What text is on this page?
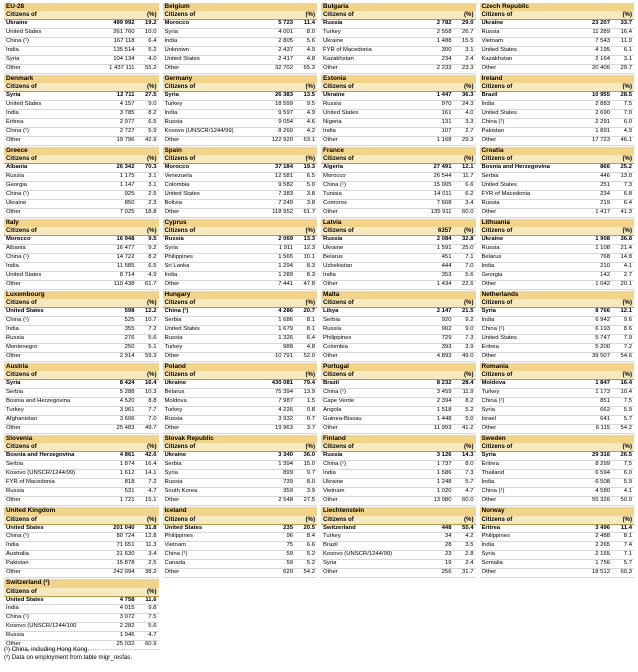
EU-28
Citizens of	(%)
Ukraine	499 992	19.2
United States	261 760	10.0
China (¹)	167 118	6.4
India	135 514	5.2
Syria	104 134	4.0
Other	1 437 111	55.2
Belgium
Citizens of	(%)
Morocco	5 723	11.4
Syria	4 001	8.0
India	2 805	5.6
Unknown	2 437	4.9
United States	2 417	4.8
Other	32 702	65.3
Bulgaria
Citizens of	(%)
Russia	2 782	29.0
Turkey	2 558	26.7
Ukraine	1 488	15.5
FYR of Macedonia	300	3.1
Kazakhstan	234	2.4
Other	2 233	23.3
Czech Republic
Citizens of	(%)
Ukraine	23 207	33.7
Russia	11 289	16.4
Vietnam	7 543	11.0
United States	4 195	6.1
Kazakhstan	2 164	3.1
Other	20 406	29.7
Denmark
Citizens of	(%)
Syria	12 711	27.5
United States	4 157	9.0
India	3 785	8.2
Eritrea	2 977	6.5
China (¹)	2 727	5.9
Other	19 796	42.9
Germany
Citizens of	(%)
Syria	26 383	13.5
Turkey	18 599	9.5
India	9 597	4.9
Russia	9 054	4.6
Kosovo (UNSCR/1244/99)	8 260	4.2
Other	122 920	63.1
Estonia
Citizens of	(%)
Ukraine	1 447	36.3
Russia	970	24.3
United States	161	4.0
Nigeria	131	3.3
India	107	2.7
Other	1 168	29.3
Ireland
Citizens of	(%)
Brazil	10 955	28.5
India	2 883	7.5
United States	2 690	7.0
China (¹)	2 291	6.0
Pakistan	1 891	4.9
Other	17 723	46.1
Greece
Citizens of	(%)
Albania	26 342	70.3
Russia	1 175	3.1
Georgia	1 147	3.1
China (¹)	925	2.5
Ukraine	850	2.3
Other	7 025	18.8
Spain
Citizens of	(%)
Morocco	37 184	19.3
Venezuela	12 581	6.5
Colombia	9 582	5.0
United States	7 383	3.8
Bolivia	7 249	3.8
Other	118 952	61.7
France
Citizens of	(%)
Algeria	27 491	12.1
Morocco	26 544	11.7
China (¹)	15 005	6.6
Tunisia	14 011	6.2
Comoros	7 668	3.4
Other	135 911	60.0
Croatia
Citizens of	(%)
Bosnia and Herzegovina	866	25.2
Serbia	446	13.0
United States	251	7.3
FYR of Macedonia	234	6.8
Russia	219	6.4
Other	1 417	41.3
Italy
Citizens of	(%)
Morocco	16 948	9.5
Albania	16 477	9.2
China (¹)	14 722	8.2
India	11 585	6.5
United States	8 714	4.9
Other	110 438	61.7
Cyprus
Citizens of	(%)
Russia	2 069	13.3
Syria	1 911	12.3
Philippines	1 565	10.1
Sri Lanka	1 294	8.3
India	1 289	8.3
Other	7 441	47.8
Latvia
Citizens of	6357	(%)
Russia	2 084	32.8
Ukraine	1 591	25.0
Belarus	451	7.1
Uzbekistan	444	7.0
India	353	5.6
Other	1 434	22.6
Lithuania
Citizens of	(%)
Ukraine	1 908	36.8
Russia	1 108	21.4
Belarus	768	14.8
India	210	4.1
Georgia	142	2.7
Other	1 042	20.1
Luxembourg
Citizens of	(%)
United States	598	12.2
China (¹)	525	10.7
India	355	7.2
Russia	276	5.6
Montenegro	250	5.1
Other	2 914	59.3
Hungary
Citizens of	(%)
China (¹)	4 286	20.7
Serbia	1 686	8.1
United States	1 679	8.1
Russia	1 326	6.4
Turkey	988	4.8
Other	10 791	52.0
Malta
Citizens of	(%)
Libya	2 147	21.5
Serbia	920	9.2
Russia	902	9.0
Philippines	729	7.3
Colombia	393	3.9
Other	4 893	49.0
Netherlands
Citizens of	(%)
Syria	8 766	12.1
India	6 942	9.6
China (¹)	6 193	8.6
United States	5 747	7.9
Eritrea	5 200	7.2
Other	39 507	54.6
Austria
Citizens of	(%)
Syria	8 424	16.4
Serbia	5 288	10.3
Bosnia and Herzegovina	4 520	8.8
Turkey	3 961	7.7
Afghanistan	3 606	7.0
Other	25 483	49.7
Poland
Citizens of	(%)
Ukraine	430 081	79.4
Belarus	75 394	13.9
Moldova	7 987	1.5
Turkey	4 226	0.8
Russia	3 932	0.7
Other	19 963	3.7
Portugal
Citizens of	(%)
Brazil	8 232	28.4
China (¹)	3 459	11.9
Cape Verde	2 394	8.2
Angola	1 518	5.2
Guinea-Bissau	1 448	5.0
Other	11 993	41.2
Romania
Citizens of	(%)
Moldova	1 847	16.4
Turkey	1 173	10.4
China (¹)	851	7.5
Syria	662	5.9
Israel	641	5.7
Other	6 115	54.2
Slovenia
Citizens of	(%)
Bosnia and Herzegovina	4 861	42.6
Serbia	1 874	16.4
Kosovo (UNSCR/1244/99)	1 612	14.1
FYR of Macedonia	818	7.2
Russia	531	4.7
Other	1 721	15.1
Slovak Republic
Citizens of	(%)
Ukraine	3 340	36.0
Serbia	1 394	15.0
Syria	899	9.7
Russia	739	8.0
South Korea	359	3.9
Other	2 548	27.5
Finland
Citizens of	(%)
Russia	3 126	14.3
China (¹)	1 737	8.0
India	1 586	7.3
Ukraine	1 248	5.7
Vietnam	1 020	4.7
Other	13 080	60.0
Sweden
Citizens of	(%)
Syria	29 316	26.5
Eritrea	8 299	7.5
Thailand	6 594	6.0
India	6 508	5.9
China (¹)	4 580	4.1
Other	55 326	50.0
United Kingdom
Citizens of	(%)
United States	201 040	31.8
China (¹)	80 724	12.8
India	71 651	11.3
Australia	21 630	3.4
Pakistan	15 878	2.5
Other	242 094	38.2
Iceland
Citizens of	(%)
United States	235	20.5
Philippines	96	8.4
Vietnam	75	6.6
China (¹)	59	5.2
Canada	59	5.2
Other	620	54.2
Liechtenstein
Citizens of	(%)
Switzerland	448	55.4
Turkey	34	4.2
Brazil	28	3.5
Kosovo (UNSCR/1244/99)	23	2.8
Syria	19	2.4
Other	256	31.7
Norway
Citizens of	(%)
Eritrea	3 496	11.4
Philippines	2 488	8.1
India	2 265	7.4
Syria	2 165	7.1
Somalia	1 756	5.7
Other	18 512	60.3
Switzerland (²)
Citizens of	(%)
United States	4 758	11.6
India	4 015	9.8
China (¹)	3 072	7.5
Kosovo (UNSCR/1244/100	2 282	5.6
Russia	1 946	4.7
Other	25 032	60.9
(¹) China, including Hong Kong.
(²) Data on employment from table migr_resfas.
